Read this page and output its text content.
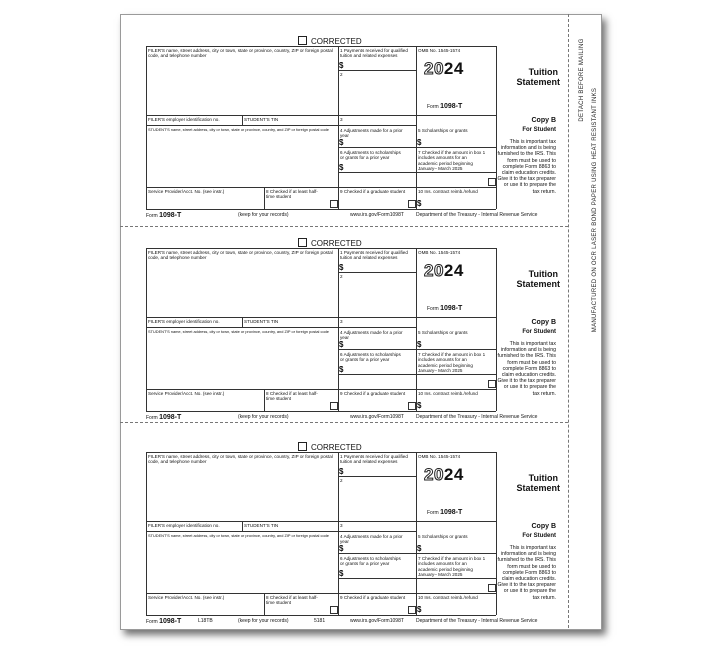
DETACH BEFORE MAILING
MANUFACTURED ON OCR LASER BOND PAPER USING HEAT RESISTANT INKS
CORRECTED
FILER'S name, street address, city or town, state or province, country, ZIP or foreign postal code, and telephone number
1 Payments received for qualified tuition and related expenses
$
2
OMB No. 1545-1574
2024
Form 1098-T
Tuition
Statement
FILER'S employer identification no.	STUDENT'S TIN	3	Copy B
For Student
This is important tax information and is being furnished to the IRS. This form must be used to complete Form 8863 to claim education credits. Give it to the tax preparer or use it to prepare the tax return.
STUDENT'S name, street address, city or town, state or province, country, and ZIP or foreign postal code 4 Adjustments made for a prior year
$
5 Scholarships or grants
$
6 Adjustments to scholarships or grants for a prior year
$
7 Checked if the amount in box 1 includes amounts for an academic period beginning January– March 2025
Service Provider/Acct. No. (see instr.)	8 Checked if at least half-time student
9 Checked if a graduate student	10 Ins. contract reimb./refund
$
Form 1098-T	(keep for your records)	www.irs.gov/Form1098T Department of the Treasury - Internal Revenue Service
CORRECTED
FILER'S name, street address, city or town, state or province, country, ZIP or foreign postal code, and telephone number
1 Payments received for qualified tuition and related expenses
$
2
OMB No. 1545-1574
2024
Form 1098-T
Tuition
Statement
FILER'S employer identification no.	STUDENT'S TIN	3	Copy B
For Student
This is important tax information and is being furnished to the IRS. This form must be used to complete Form 8863 to claim education credits. Give it to the tax preparer or use it to prepare the tax return.
STUDENT'S name, street address, city or town, state or province, country, and ZIP or foreign postal code 4 Adjustments made for a prior year
$
5 Scholarships or grants
$
6 Adjustments to scholarships or grants for a prior year
$
7 Checked if the amount in box 1 includes amounts for an academic period beginning January– March 2025
Service Provider/Acct. No. (see instr.)	8 Checked if at least half-time student
9 Checked if a graduate student	10 Ins. contract reimb./refund
$
Form 1098-T	(keep for your records)	www.irs.gov/Form1098T Department of the Treasury - Internal Revenue Service
CORRECTED
FILER'S name, street address, city or town, state or province, country, ZIP or foreign postal code, and telephone number
1 Payments received for qualified tuition and related expenses
$
2
OMB No. 1545-1574
2024
Form 1098-T
Tuition
Statement
FILER'S employer identification no.	STUDENT'S TIN	3	Copy B
For Student
This is important tax information and is being furnished to the IRS. This form must be used to complete Form 8863 to claim education credits. Give it to the tax preparer or use it to prepare the tax return.
STUDENT'S name, street address, city or town, state or province, country, and ZIP or foreign postal code 4 Adjustments made for a prior year
$
5 Scholarships or grants
$
6 Adjustments to scholarships or grants for a prior year
$
7 Checked if the amount in box 1 includes amounts for an academic period beginning January– March 2025
Service Provider/Acct. No. (see instr.)	8 Checked if at least half-time student
9 Checked if a graduate student	10 Ins. contract reimb./refund
$
Form 1098-T	L18TB	(keep for your records)	5181	www.irs.gov/Form1098T Department of the Treasury - Internal Revenue Service
